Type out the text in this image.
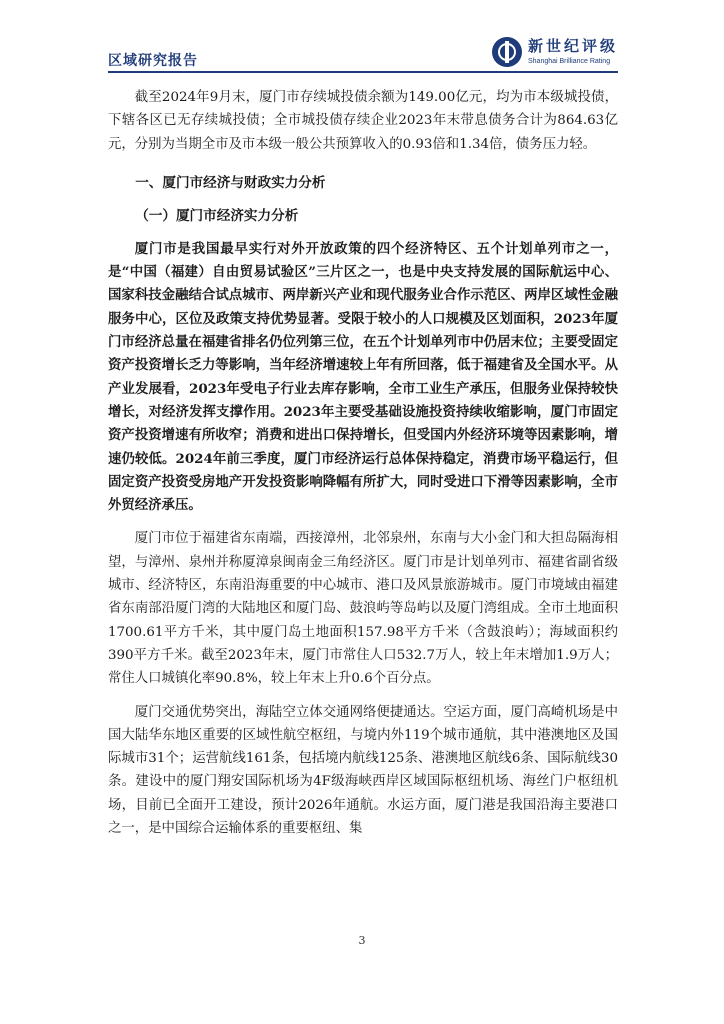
区域研究报告
新世纪评级
Shanghai Brilliance Rating

截至2024年9月末，厦门市存续城投债余额为149.00亿元，均为市本级城投债，下辖各区已无存续城投债；全市城投债存续企业2023年末带息债务合计为864.63亿元，分别为当期全市及市本级一般公共预算收入的0.93倍和1.34倍，债务压力轻。

一、厦门市经济与财政实力分析
（一）厦门市经济实力分析

厦门市是我国最早实行对外开放政策的四个经济特区、五个计划单列市之一，是“中国（福建）自由贸易试验区”三片区之一，也是中央支持发展的国际航运中心、国家科技金融结合试点城市、两岸新兴产业和现代服务业合作示范区、两岸区域性金融服务中心，区位及政策支持优势显著。受限于较小的人口规模及区划面积，2023年厦门市经济总量在福建省排名仍位列第三位，在五个计划单列市中仍居末位；主要受固定资产投资增长乏力等影响，当年经济增速较上年有所回落，低于福建省及全国水平。从产业发展看，2023年受电子行业去库存影响，全市工业生产承压，但服务业保持较快增长，对经济发挥支撑作用。2023年主要受基础设施投资持续收缩影响，厦门市固定资产投资增速有所收窄；消费和进出口保持增长，但受国内外经济环境等因素影响，增速仍较低。2024年前三季度，厦门市经济运行总体保持稳定，消费市场平稳运行，但固定资产投资受房地产开发投资影响降幅有所扩大，同时受进口下滑等因素影响，全市外贸经济承压。

厦门市位于福建省东南端，西接漳州，北邻泉州，东南与大小金门和大担岛隔海相望，与漳州、泉州并称厦漳泉闽南金三角经济区。厦门市是计划单列市、福建省副省级城市、经济特区，东南沿海重要的中心城市、港口及风景旅游城市。厦门市境域由福建省东南部沿厦门湾的大陆地区和厦门岛、鼓浪屿等岛屿以及厦门湾组成。全市土地面积1700.61平方千米，其中厦门岛土地面积157.98平方千米（含鼓浪屿）；海域面积约390平方千米。截至2023年末，厦门市常住人口532.7万人，较上年末增加1.9万人；常住人口城镇化率90.8%，较上年末上升0.6个百分点。

厦门交通优势突出，海陆空立体交通网络便捷通达。空运方面，厦门高崎机场是中国大陆华东地区重要的区域性航空枢纽，与境内外119个城市通航，其中港澳地区及国际城市31个；运营航线161条，包括境内航线125条、港澳地区航线6条、国际航线30条。建设中的厦门翔安国际机场为4F级海峡西岸区域国际枢纽机场、海丝门户枢纽机场，目前已全面开工建设，预计2026年通航。水运方面，厦门港是我国沿海主要港口之一，是中国综合运输体系的重要枢纽、集

3
